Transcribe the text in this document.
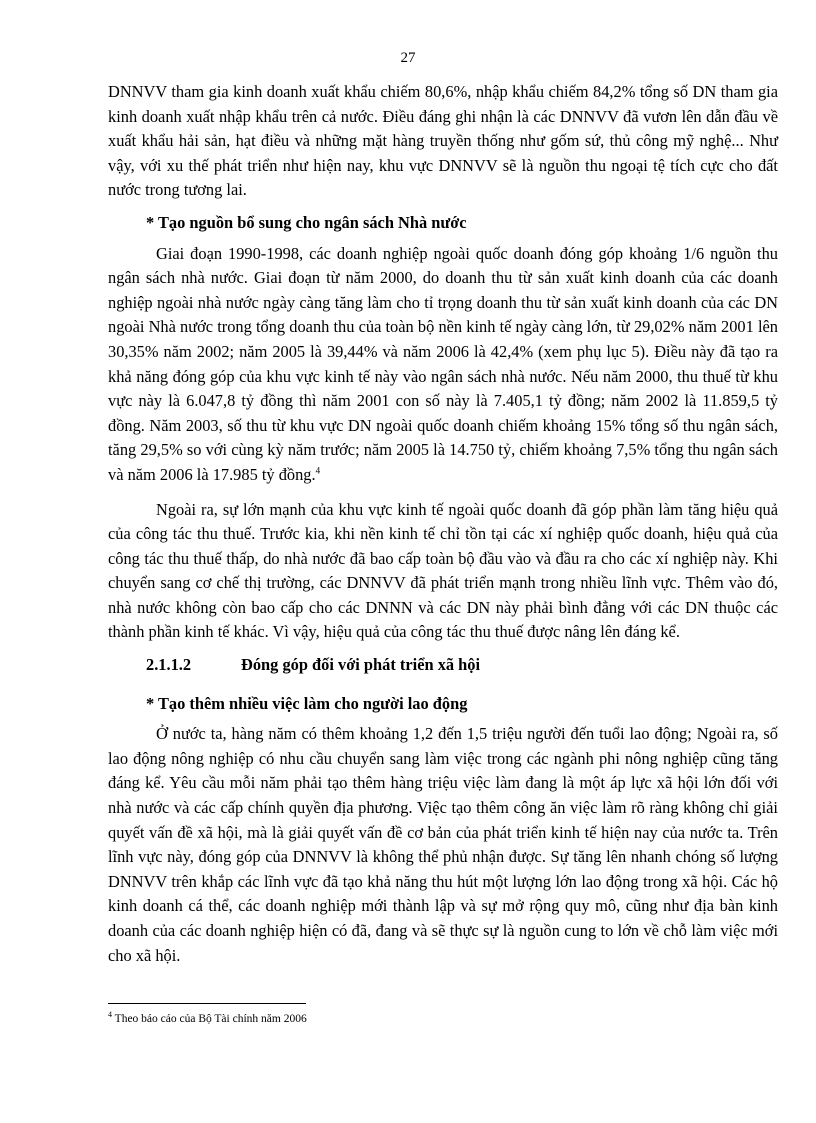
27

DNNVV tham gia kinh doanh xuất khẩu chiếm 80,6%, nhập khẩu chiếm 84,2% tổng số DN tham gia kinh doanh xuất nhập khẩu trên cả nước. Điều đáng ghi nhận là các DNNVV đã vươn lên dẫn đầu về xuất khẩu hải sản, hạt điều và những mặt hàng truyền thống như gốm sứ, thủ công mỹ nghệ... Như vậy, với xu thế phát triển như hiện nay, khu vực DNNVV sẽ là nguồn thu ngoại tệ tích cực cho đất nước trong tương lai.

* Tạo nguồn bổ sung cho ngân sách Nhà nước

Giai đoạn 1990-1998, các doanh nghiệp ngoài quốc doanh đóng góp khoảng 1/6 nguồn thu ngân sách nhà nước. Giai đoạn từ năm 2000, do doanh thu từ sản xuất kinh doanh của các doanh nghiệp ngoài nhà nước ngày càng tăng làm cho tỉ trọng doanh thu từ sản xuất kinh doanh của các DN ngoài Nhà nước trong tổng doanh thu của toàn bộ nền kinh tế ngày càng lớn, từ 29,02% năm 2001 lên 30,35% năm 2002; năm 2005 là 39,44% và năm 2006 là 42,4% (xem phụ lục 5). Điều này đã tạo ra khả năng đóng góp của khu vực kinh tế này vào ngân sách nhà nước. Nếu năm 2000, thu thuế từ khu vực này là 6.047,8 tỷ đồng thì năm 2001 con số này là 7.405,1 tỷ đồng; năm 2002 là 11.859,5 tỷ đồng. Năm 2003, số thu từ khu vực DN ngoài quốc doanh chiếm khoảng 15% tổng số thu ngân sách, tăng 29,5% so với cùng kỳ năm trước; năm 2005 là 14.750 tỷ, chiếm khoảng 7,5% tổng thu ngân sách và năm 2006 là 17.985 tỷ đồng.$^4$

Ngoài ra, sự lớn mạnh của khu vực kinh tế ngoài quốc doanh đã góp phần làm tăng hiệu quả của công tác thu thuế. Trước kia, khi nền kinh tế chỉ tồn tại các xí nghiệp quốc doanh, hiệu quả của công tác thu thuế thấp, do nhà nước đã bao cấp toàn bộ đầu vào và đầu ra cho các xí nghiệp này. Khi chuyển sang cơ chế thị trường, các DNNVV đã phát triển mạnh trong nhiều lĩnh vực. Thêm vào đó, nhà nước không còn bao cấp cho các DNNN và các DN này phải bình đẳng với các DN thuộc các thành phần kinh tế khác. Vì vậy, hiệu quả của công tác thu thuế được nâng lên đáng kể.

2.1.1.2	Đóng góp đối với phát triển xã hội
* Tạo thêm nhiều việc làm cho người lao động

Ở nước ta, hàng năm có thêm khoảng 1,2 đến 1,5 triệu người đến tuổi lao động; Ngoài ra, số lao động nông nghiệp có nhu cầu chuyển sang làm việc trong các ngành phi nông nghiệp cũng tăng đáng kể. Yêu cầu mỗi năm phải tạo thêm hàng triệu việc làm đang là một áp lực xã hội lớn đối với nhà nước và các cấp chính quyền địa phương. Việc tạo thêm công ăn việc làm rõ ràng không chỉ giải quyết vấn đề xã hội, mà là giải quyết vấn đề cơ bản của phát triển kinh tế hiện nay của nước ta. Trên lĩnh vực này, đóng góp của DNNVV là không thể phủ nhận được. Sự tăng lên nhanh chóng số lượng DNNVV trên khắp các lĩnh vực đã tạo khả năng thu hút một lượng lớn lao động trong xã hội. Các hộ kinh doanh cá thể, các doanh nghiệp mới thành lập và sự mở rộng quy mô, cũng như địa bàn kinh doanh của các doanh nghiệp hiện có đã, đang và sẽ thực sự là nguồn cung to lớn về chỗ làm việc mới cho xã hội.

$^4$ Theo báo cáo của Bộ Tài chính năm 2006
